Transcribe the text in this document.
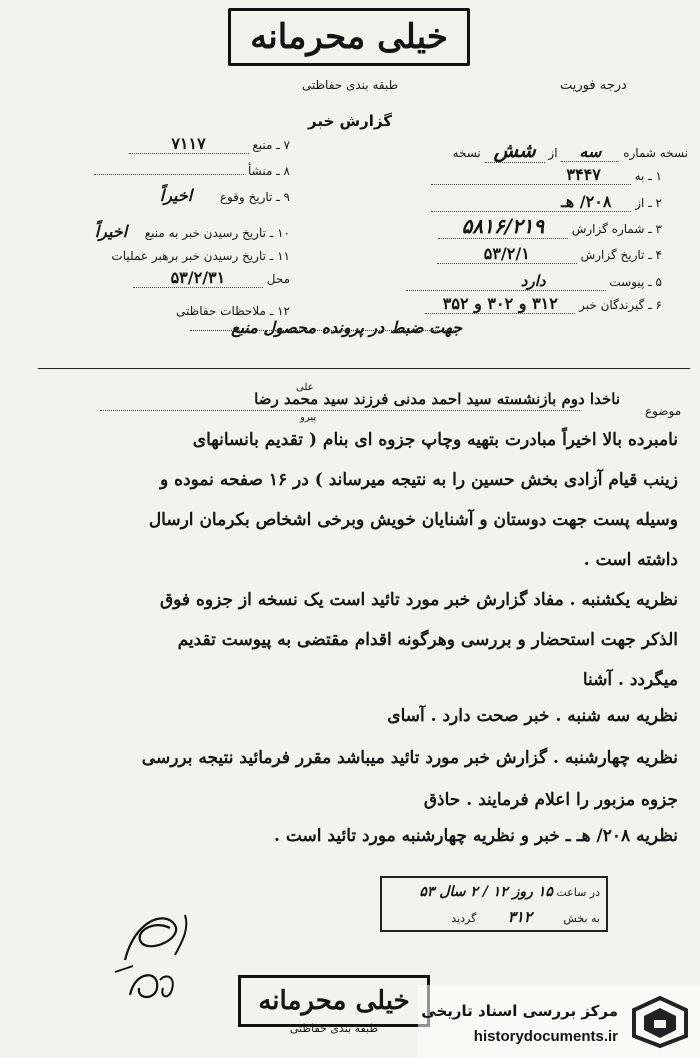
خیلی محرمانه
طبقه بندی حفاظتی	درجه فوریت
گزارش خبر
نسخه شماره سه از شش نسخه
۱ ـ به ۳۴۴۷
۲ ـ از ۲۰۸/ هـ
۳ ـ شماره گزارش ۵۸۱۶/۲۱۹
۴ ـ تاریخ گزارش ۵۳/۲/۱
۵ ـ پیوست دارد
۶ ـ گیرندگان خبر ۳۱۲ و ۳۰۲ و ۳۵۲
۷ ـ منبع ۷۱۱۷
۸ ـ منشأ
۹ ـ تاریخ وقوع اخیراً
۱۰ ـ تاریخ رسیدن خبر به منبع اخیراً
۱۱ ـ تاریخ رسیدن خبر برهبر عملیات
محل ۵۳/۲/۳۱
۱۲ ـ ملاحظات حفاظتی
جهت ضبط در پرونده محصول منبع
موضوع
ناخدا دوم بازنشسته سید احمد مدنی فرزند سید محمد رضا
علی
پیرو
نامبرده بالا اخیراً مبادرت بتهیه وچاپ جزوه ای بنام ( تقدیم بانسانهای
زینب قیام آزادی بخش حسین را به نتیجه میرساند ) در ۱۶ صفحه نموده و
وسیله پست جهت دوستان و آشنایان خویش وبرخی اشخاص بکرمان ارسال
داشته است .
نظریه یکشنبه . مفاد گزارش خبر مورد تائید است یک نسخه از جزوه فوق
الذکر جهت استحضار و بررسی وهرگونه اقدام مقتضی به پیوست تقدیم
میگردد . آشنا
نظریه سه شنبه . خبر صحت دارد . آسای
نظریه چهارشنبه . گزارش خبر مورد تائید میباشد مقرر فرمائید نتیجه بررسی
جزوه مزبور را اعلام فرمایند . حاذق
نظریه ۲۰۸/ هـ ـ خبر و نظریه چهارشنبه مورد تائید است .
در ساعت ۱۵ روز ۱۲ / ۲ سال ۵۳
به بخش ۳۱۲ گردید
خیلی محرمانه
طبقه بندی حفاظتی
مرکز بررسی اسناد تاریخی
historydocuments.ir
